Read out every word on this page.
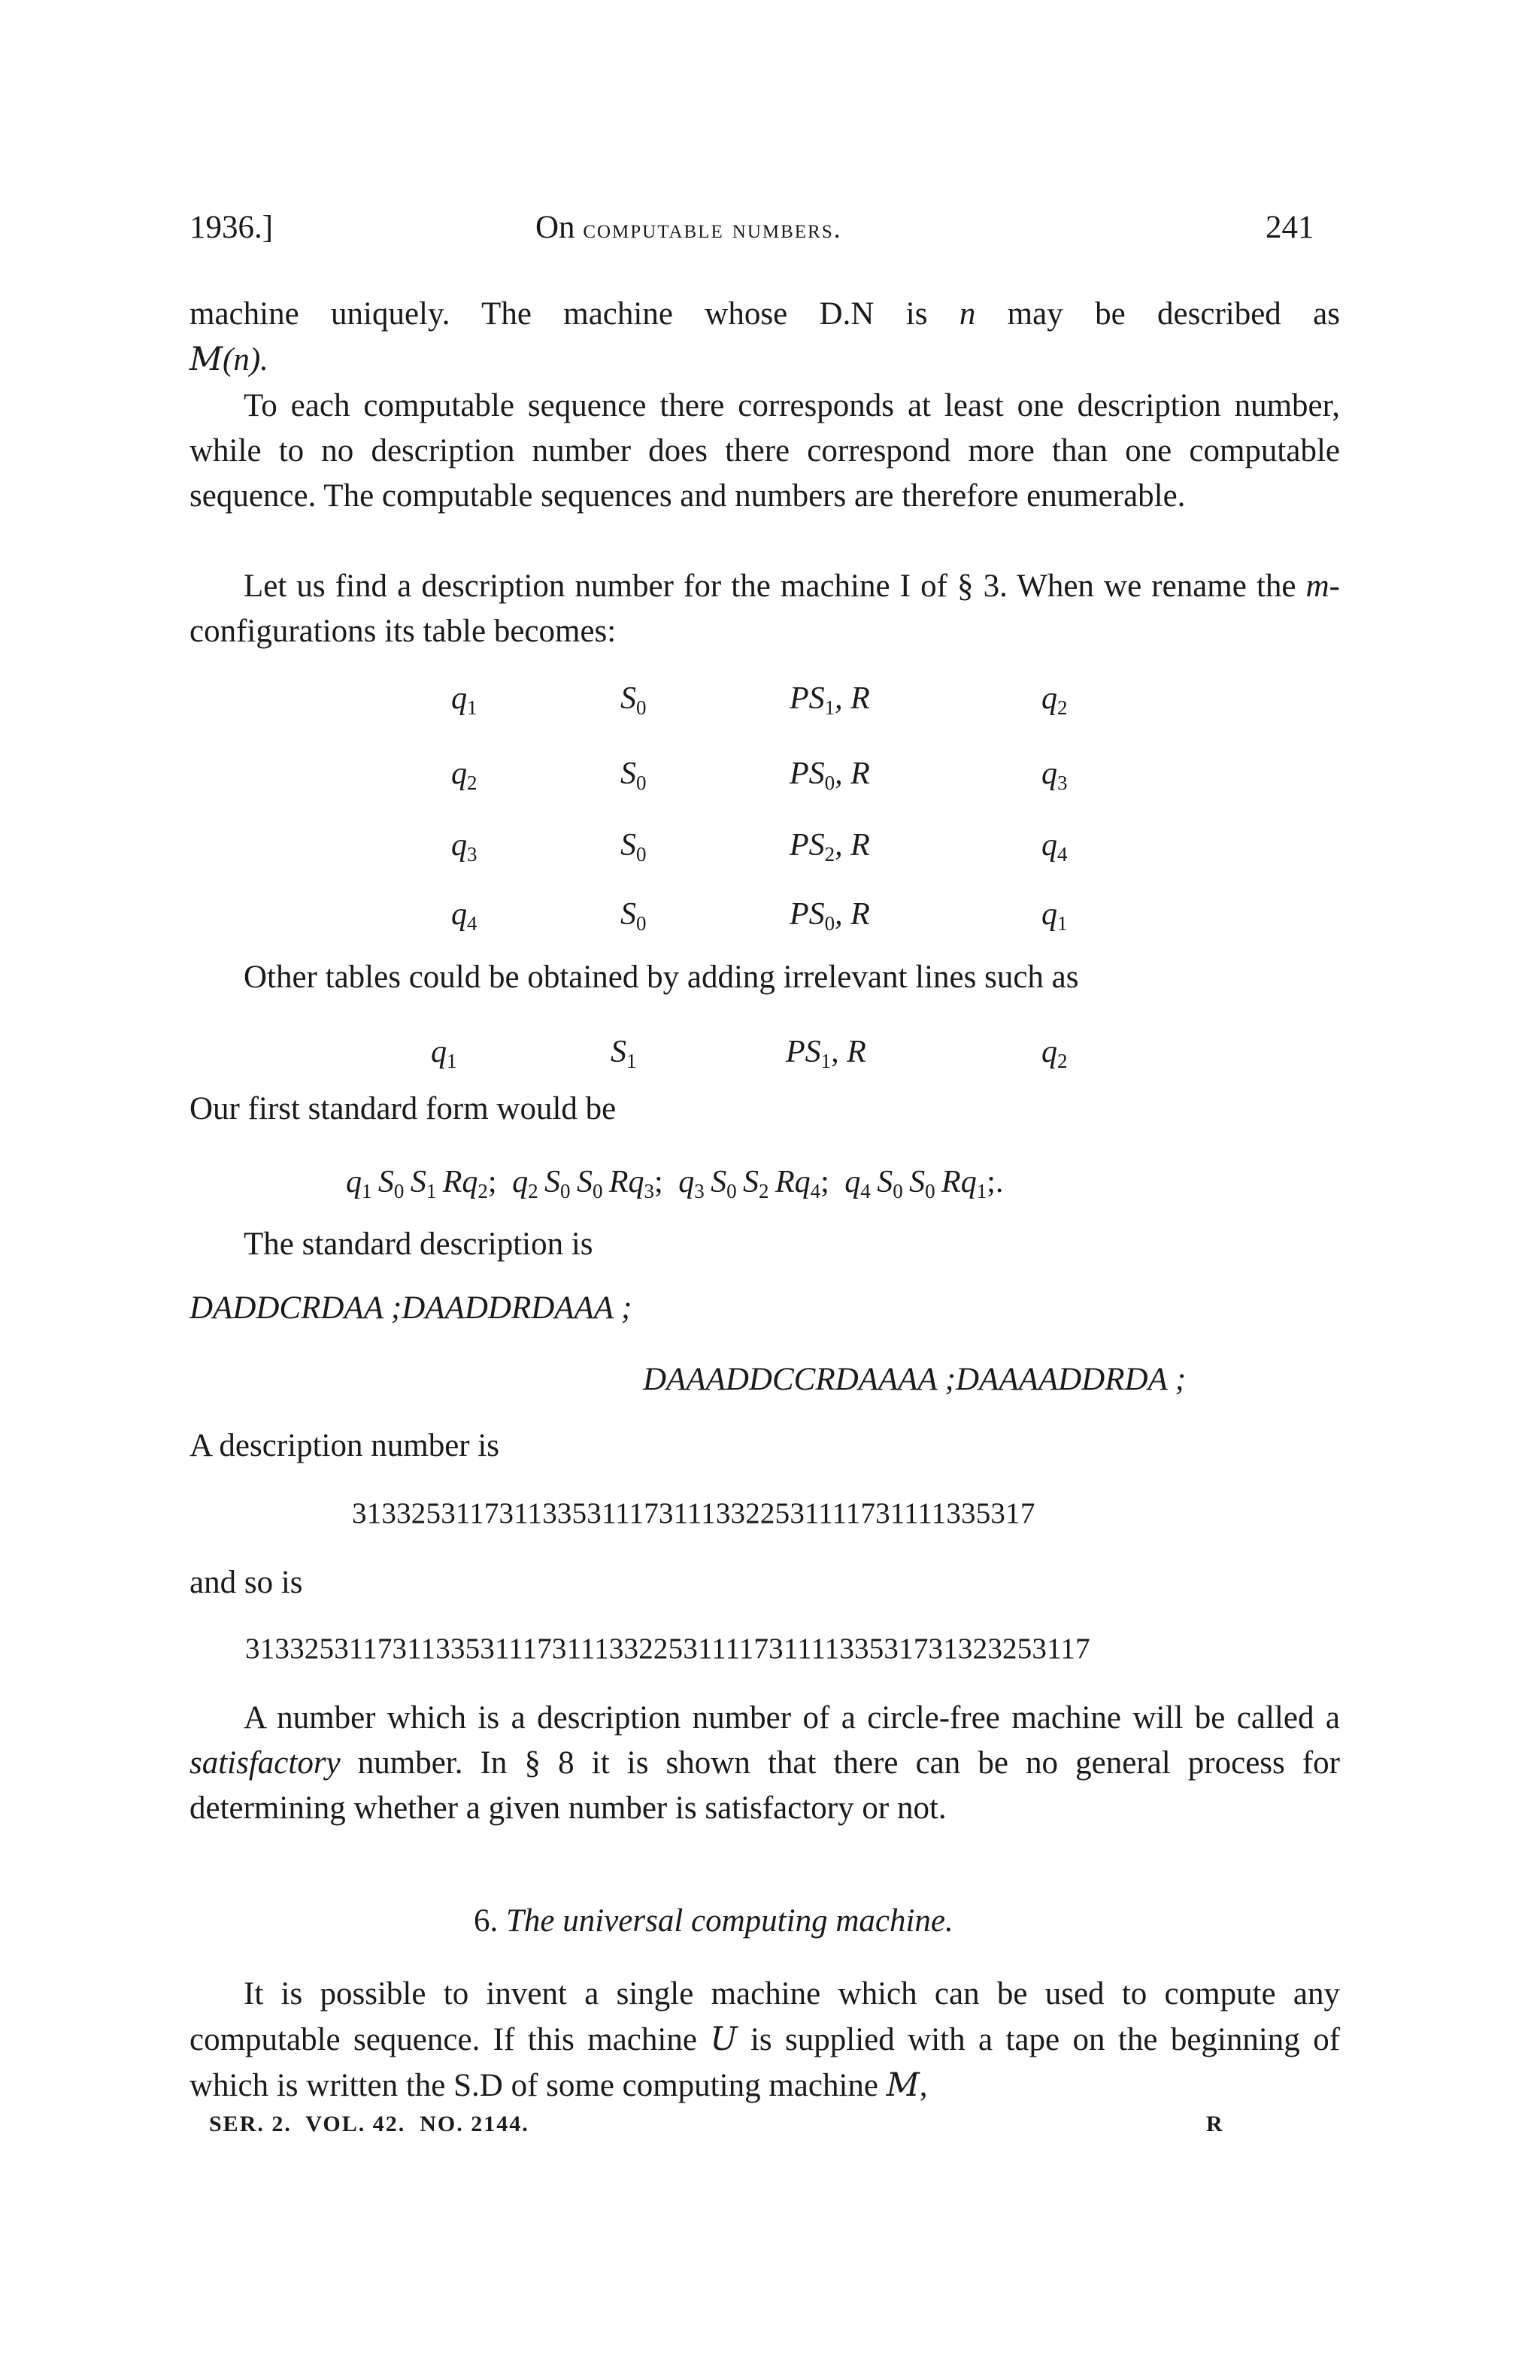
1936.]	On computable numbers.	241

machine uniquely. The machine whose D.N is n may be described as

M(n).

To each computable sequence there corresponds at least one description number, while to no description number does there correspond more than one computable sequence. The computable sequences and numbers are therefore enumerable.

Let us find a description number for the machine I of § 3. When we rename the m-configurations its table becomes:

$q_1$	$S_0$	$PS_1$, R	$q_2$
$q_2$	$S_0$	$PS_0$, R	$q_3$
$q_3$	$S_0$	$PS_2$, R	$q_4$
$q_4$	$S_0$	$PS_0$, R	$q_1$
Other tables could be obtained by adding irrelevant lines such as
$q_1$	$S_1$	$PS_1$, R	$q_2$
Our first standard form would be
$q_1$  $S_0$  $S_1$  $Rq_2$; $q_2$  $S_0$  $S_0$  $Rq_3$; $q_3$  $S_0$  $S_2$  $Rq_4$; $q_4$  $S_0$  $S_0$  $Rq_1$;.
The standard description is
DADDCRDAA ;DAADDRDAAA ;
DAAADDCCRDAAAA ;DAAAADDRDA ;
A description number is
31332531173113353111731113322531111731111335317
and so is
3133253117311335311173111332253111173111133531731323253117

A number which is a description number of a circle-free machine will be called a satisfactory number. In § 8 it is shown that there can be no general process for determining whether a given number is satisfactory or not.

6. The universal computing machine.

It is possible to invent a single machine which can be used to compute any computable sequence. If this machine U is supplied with a tape on the beginning of which is written the S.D of some computing machine M,

SER. 2. VOL. 42. NO. 2144.	R
